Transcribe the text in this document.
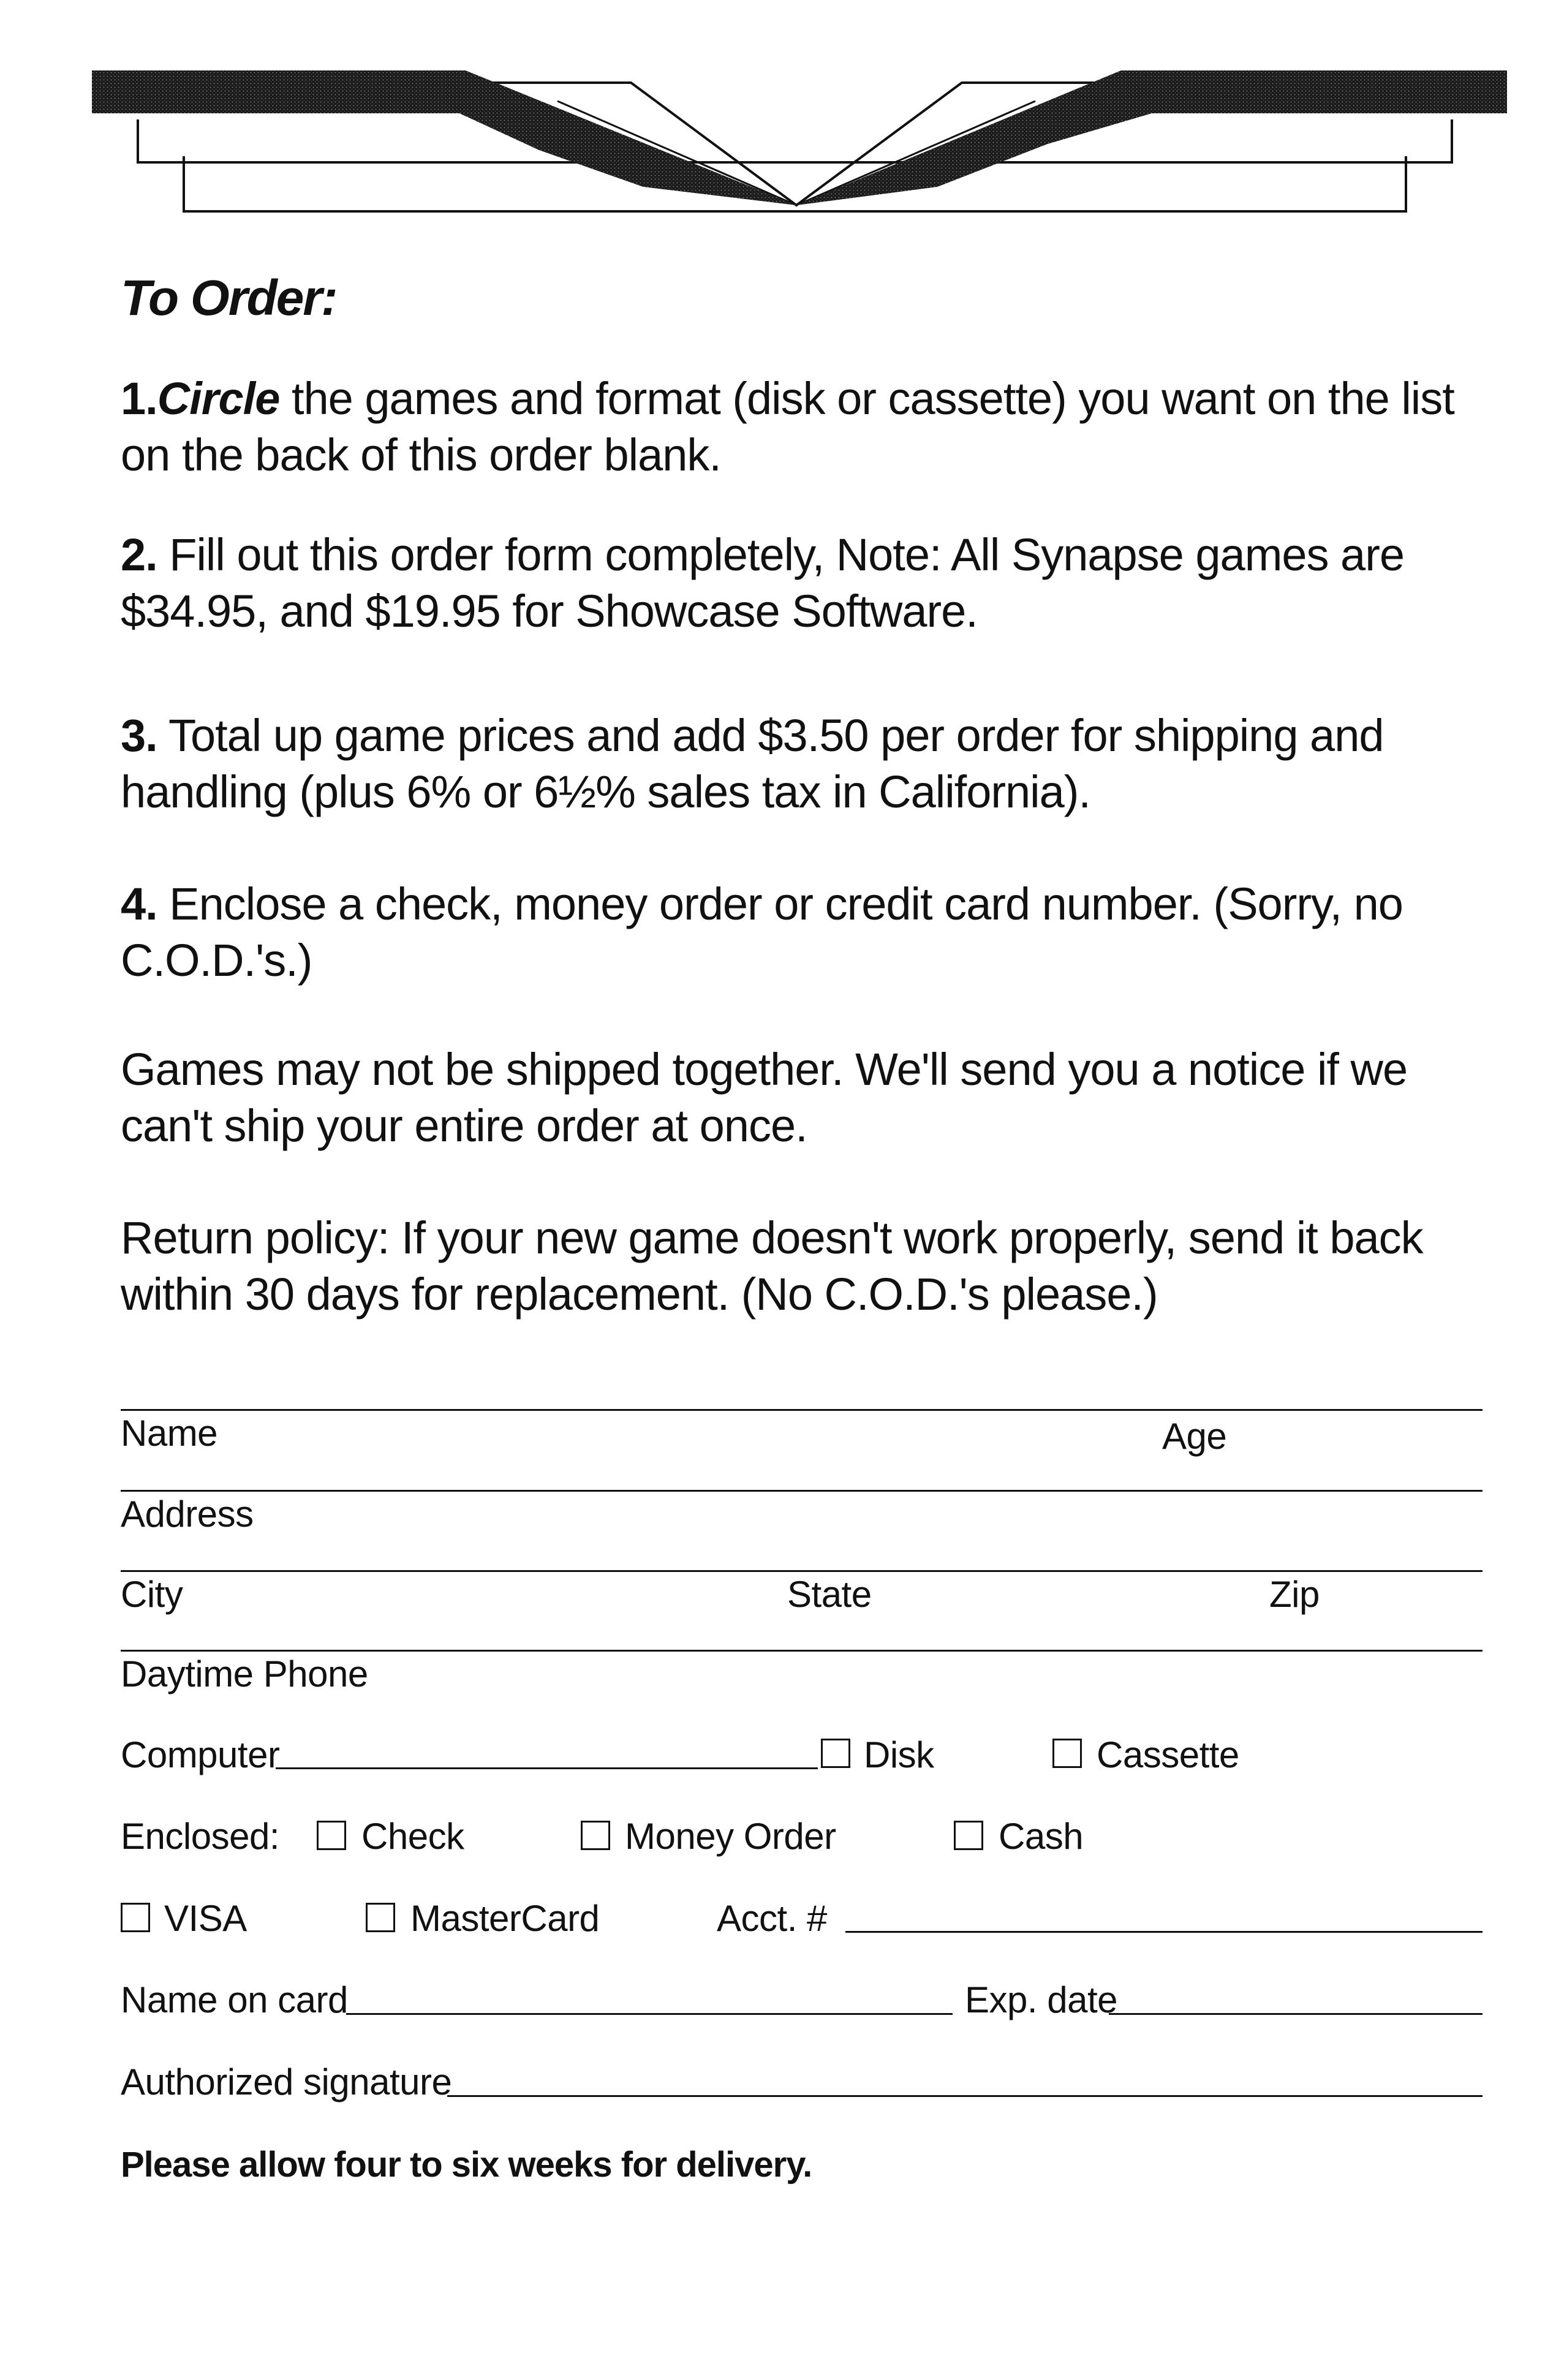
To Order:

1.Circle the games and format (disk or cassette) you want on the list on the back of this order blank.

2. Fill out this order form completely, Note: All Synapse games are $34.95, and $19.95 for Showcase Software.

3. Total up game prices and add $3.50 per order for shipping and handling (plus 6% or 6½% sales tax in California).

4. Enclose a check, money order or credit card number. (Sorry, no C.O.D.'s.)

Games may not be shipped together. We'll send you a notice if we can't ship your entire order at once.

Return policy: If your new game doesn't work properly, send it back within 30 days for replacement. (No C.O.D.'s please.)

Name	Age
Address
City	State	Zip
Daytime Phone
Computer	Disk	Cassette
Enclosed: Check	Money Order	Cash
VISA	MasterCard	Acct. #
Name on card	Exp. date
Authorized signature
Please allow four to six weeks for delivery.
